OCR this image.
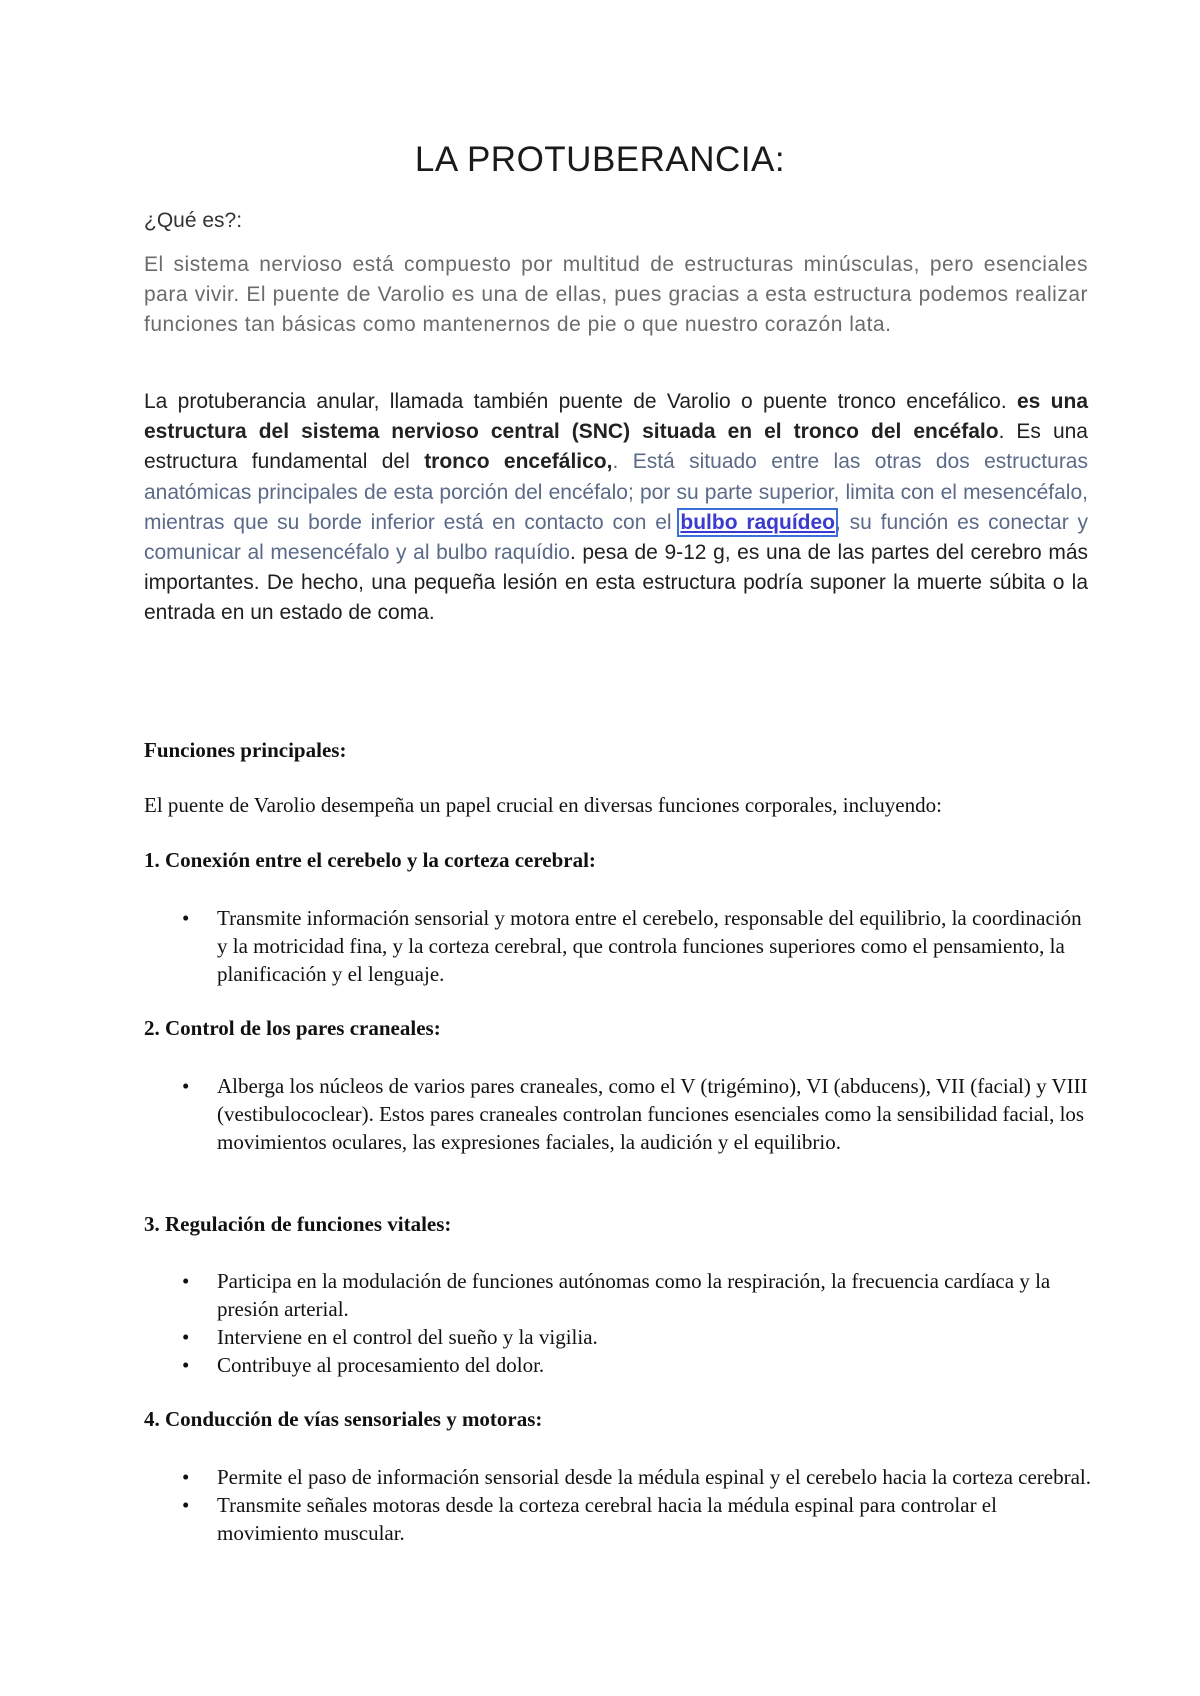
LA PROTUBERANCIA:

¿Qué es?:

El sistema nervioso está compuesto por multitud de estructuras minúsculas, pero esenciales para vivir. El puente de Varolio es una de ellas, pues gracias a esta estructura podemos realizar funciones tan básicas como mantenernos de pie o que nuestro corazón lata.

La protuberancia anular, llamada también puente de Varolio o puente tronco encefálico. es una estructura del sistema nervioso central (SNC) situada en el tronco del encéfalo. Es una estructura fundamental del tronco encefálico,. Está situado entre las otras dos estructuras anatómicas principales de esta porción del encéfalo; por su parte superior, limita con el mesencéfalo, mientras que su borde inferior está en contacto con el bulbo raquídeo, su función es conectar y comunicar al mesencéfalo y al bulbo raquídio. pesa de 9-12 g, es una de las partes del cerebro más importantes. De hecho, una pequeña lesión en esta estructura podría suponer la muerte súbita o la entrada en un estado de coma.

Funciones principales:

El puente de Varolio desempeña un papel crucial en diversas funciones corporales, incluyendo:

1. Conexión entre el cerebelo y la corteza cerebral:

• Transmite información sensorial y motora entre el cerebelo, responsable del equilibrio, la coordinación y la motricidad fina, y la corteza cerebral, que controla funciones superiores como el pensamiento, la planificación y el lenguaje.

2. Control de los pares craneales:

• Alberga los núcleos de varios pares craneales, como el V (trigémino), VI (abducens), VII (facial) y VIII (vestibulococlear). Estos pares craneales controlan funciones esenciales como la sensibilidad facial, los movimientos oculares, las expresiones faciales, la audición y el equilibrio.

3. Regulación de funciones vitales:

• Participa en la modulación de funciones autónomas como la respiración, la frecuencia cardíaca y la presión arterial.
• Interviene en el control del sueño y la vigilia.
• Contribuye al procesamiento del dolor.

4. Conducción de vías sensoriales y motoras:

• Permite el paso de información sensorial desde la médula espinal y el cerebelo hacia la corteza cerebral.
• Transmite señales motoras desde la corteza cerebral hacia la médula espinal para controlar el movimiento muscular.
